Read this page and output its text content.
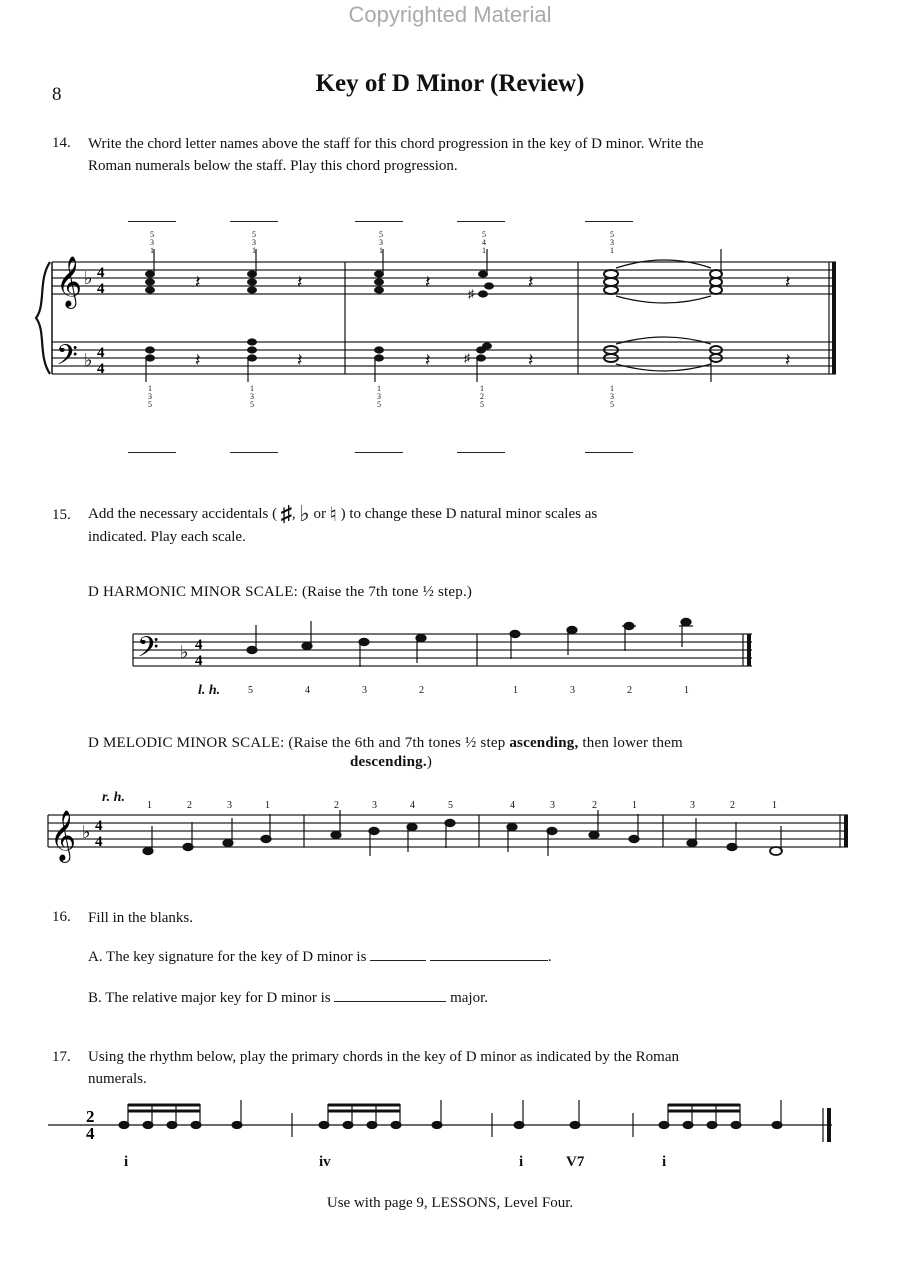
Copyrighted Material
8	Key of D Minor (Review)
14. Write the chord letter names above the staff for this chord progression in the key of D minor. Write the
Roman numerals below the staff. Play this chord progression.
𝄞
𝄢
♭
♭
4
4
4
4
♯
♯
𝄽	𝄽	𝄽	𝄽	𝄽
𝄽	𝄽	𝄽	𝄽	𝄽
5
3
1
5
3
1
5
3
1
5
4
1
5
3
1
1
3
5
1
3
5
1
3
5
1
2
5
1
3
5
15. Add the necessary accidentals ( ♯, ♭ or ♮ ) to change these D natural minor scales as
indicated. Play each scale.
D HARMONIC MINOR SCALE: (Raise the 7th tone ½ step.)
𝄢 ♭ 4
4
l. h.	5	4	3	2	1	3	2	1
D MELODIC MINOR SCALE: (Raise the 6th and 7th tones ½ step ascending, then lower them
descending.)
𝄞 ♭ 4
4
r. h.
1	2	3	1	2	3	4	5	4	3	2	1	3	2	1
16. Fill in the blanks.
A. The key signature for the key of D minor is	.
B. The relative major key for D minor is	major.
17. Using the rhythm below, play the primary chords in the key of D minor as indicated by the Roman
numerals.
2
4
i	iv	i	V7	i
Use with page 9, LESSONS, Level Four.
